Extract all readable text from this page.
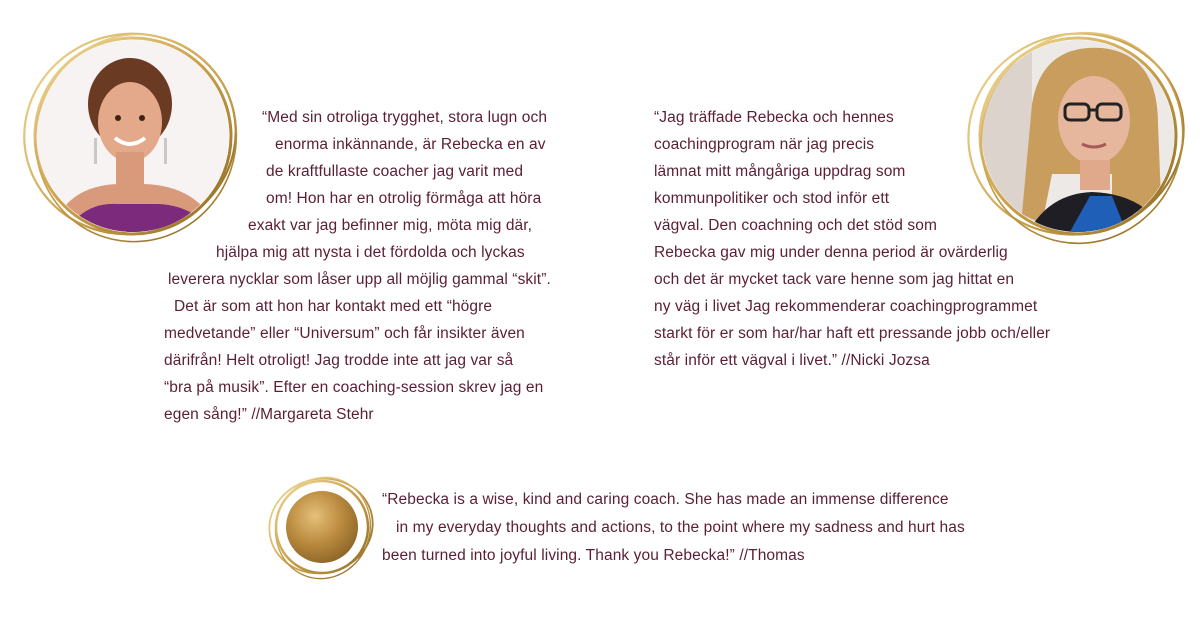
“Med sin otroliga trygghet, stora lugn och
enorma inkännande, är Rebecka en av
de kraftfullaste coacher jag varit med
om! Hon har en otrolig förmåga att höra
exakt var jag befinner mig, möta mig där,
hjälpa mig att nysta i det fördolda och lyckas
leverera nycklar som låser upp all möjlig gammal “skit”.
Det är som att hon har kontakt med ett “högre
medvetande” eller “Universum” och får insikter även
därifrån! Helt otroligt! Jag trodde inte att jag var så
“bra på musik”. Efter en coaching-session skrev jag en
egen sång!” //Margareta Stehr
“Jag träffade Rebecka och hennes
coachingprogram när jag precis
lämnat mitt mångåriga uppdrag som
kommunpolitiker och stod inför ett
vägval. Den coachning och det stöd som
Rebecka gav mig under denna period är ovärderlig
och det är mycket tack vare henne som jag hittat en
ny väg i livet Jag rekommenderar coachingprogrammet
starkt för er som har/har haft ett pressande jobb och/eller
står inför ett vägval i livet.” //Nicki Jozsa
“Rebecka is a wise, kind and caring coach. She has made an immense difference
in my everyday thoughts and actions, to the point where my sadness and hurt has
been turned into joyful living. Thank you Rebecka!” //Thomas
